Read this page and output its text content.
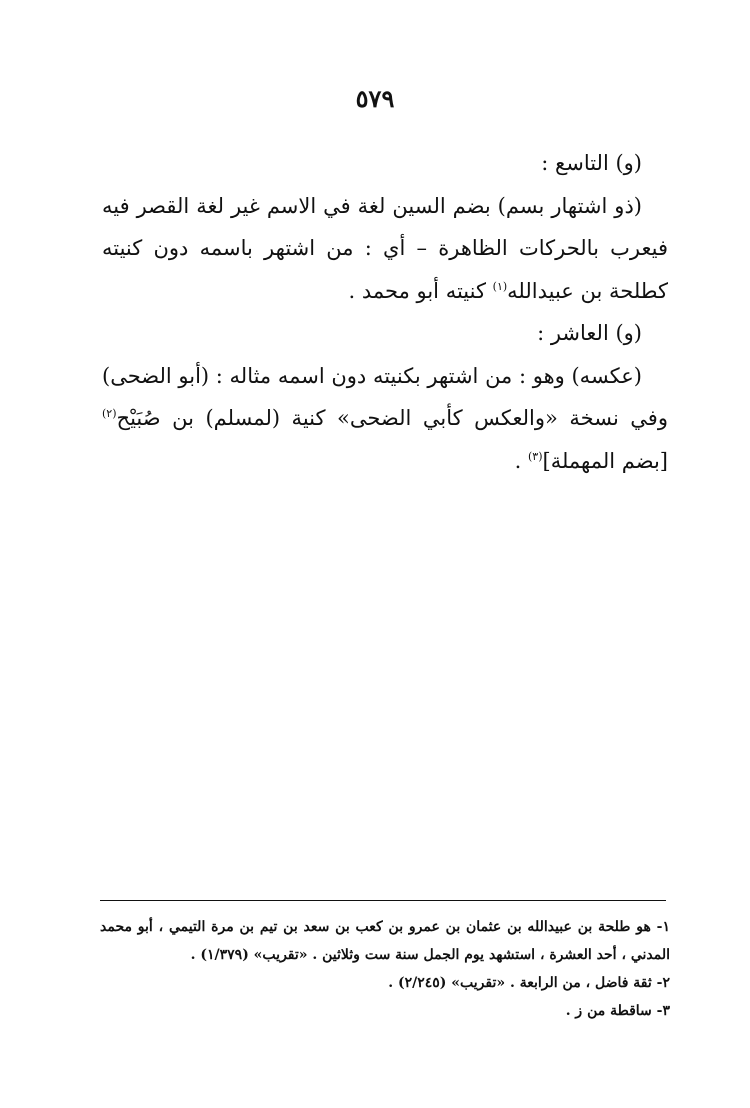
٥٧٩

(و) التاسع :

(ذو اشتهار بسم) بضم السين لغة في الاسم غير لغة القصر فيه فيعرب بالحركات الظاهرة – أي : من اشتهر باسمه دون كنيته كطلحة بن عبيدالله$^{(١)}$ كنيته أبو محمد .

(و) العاشر :

(عكسه) وهو : من اشتهر بكنيته دون اسمه مثاله : (أبو الضحى) وفي نسخة «والعكس كأبي الضحى» كنية (لمسلم) بن صُبَيْح$^{(٢)}$ [بضم المهملة]$^{(٣)}$ .

١- هو طلحة بن عبيدالله بن عثمان بن عمرو بن كعب بن سعد بن تيم بن مرة التيمي ، أبو محمد المدني ، أحد العشرة ، استشهد يوم الجمل سنة ست وثلاثين . «تقريب» (١/٣٧٩) .

٢- ثقة فاضل ، من الرابعة . «تقريب» (٢/٢٤٥) .

٣- ساقطة من ز .
